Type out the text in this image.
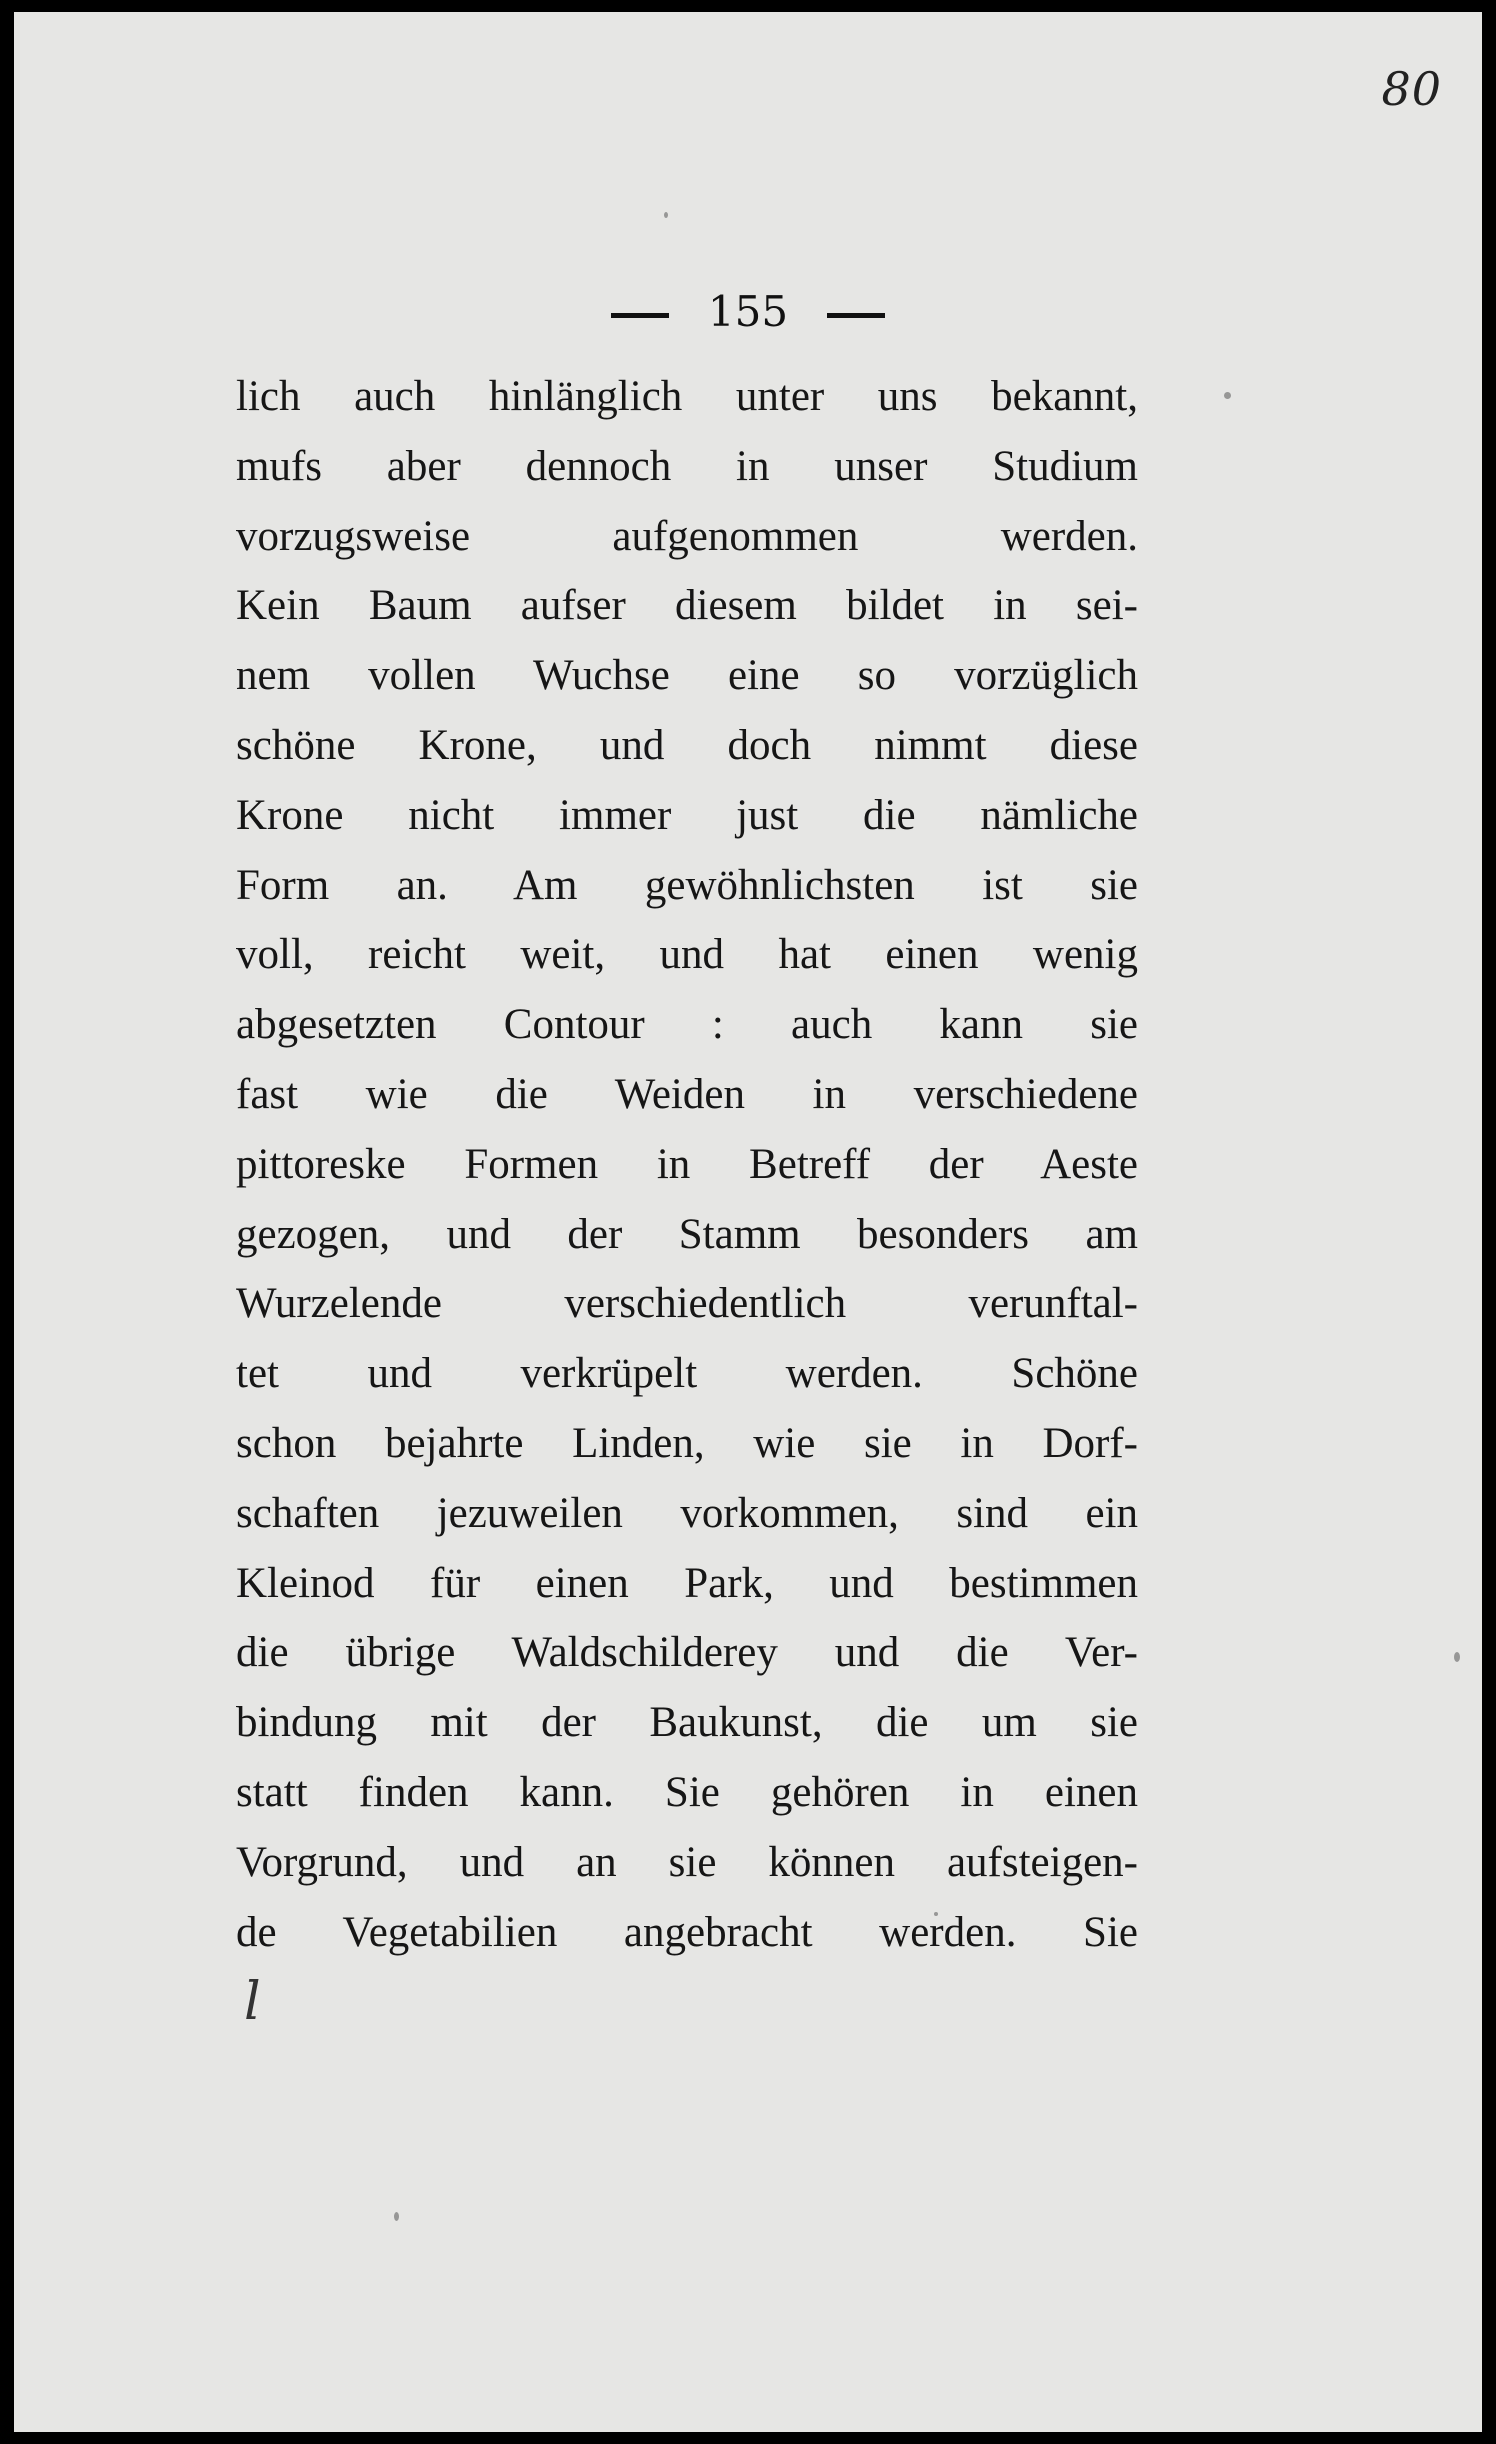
80
155
lich auch hinlänglich unter uns bekannt,
mufs aber dennoch in unser Studium
vorzugsweise aufgenommen werden.
Kein Baum aufser diesem bildet in sei-
nem vollen Wuchse eine so vorzüglich
schöne Krone, und doch nimmt diese
Krone nicht immer just die nämliche
Form an. Am gewöhnlichsten ist sie
voll, reicht weit, und hat einen wenig
abgesetzten Contour : auch kann sie
fast wie die Weiden in verschiedene
pittoreske Formen in Betreff der Aeste
gezogen, und der Stamm besonders am
Wurzelende verschiedentlich verunftal-
tet und verkrüpelt werden. Schöne
schon bejahrte Linden, wie sie in Dorf-
schaften jezuweilen vorkommen, sind ein
Kleinod für einen Park, und bestimmen
die übrige Waldschilderey und die Ver-
bindung mit der Baukunst, die um sie
statt finden kann. Sie gehören in einen
Vorgrund, und an sie können aufsteigen-
de Vegetabilien angebracht werden. Sie
l
